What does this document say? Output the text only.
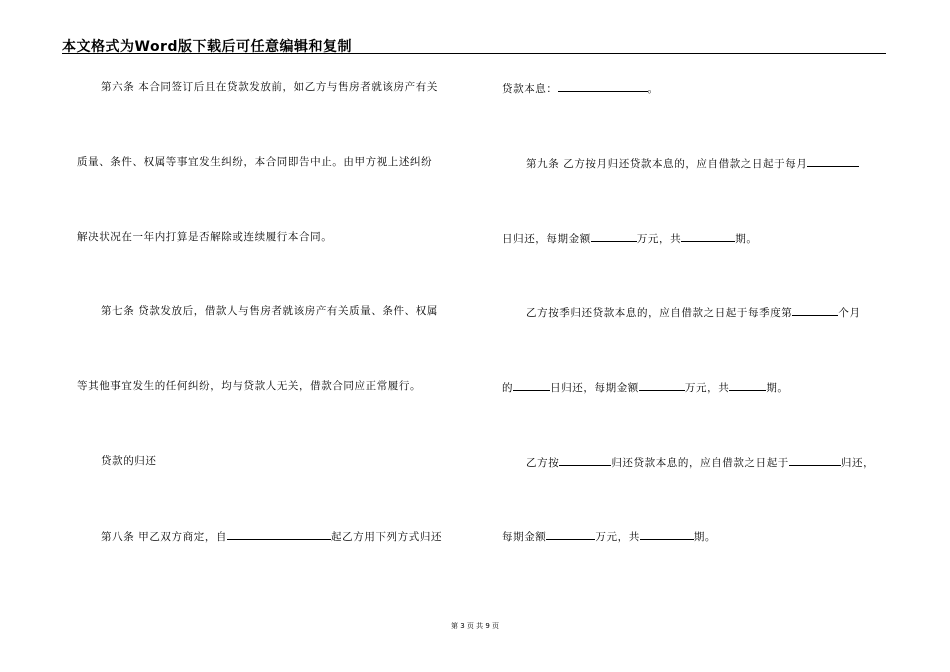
本文格式为Word版下载后可任意编辑和复制
第六条 本合同签订后且在贷款发放前，如乙方与售房者就该房产有关
质量、条件、权属等事宜发生纠纷，本合同即告中止。由甲方视上述纠纷
解决状况在一年内打算是否解除或连续履行本合同。
第七条 贷款发放后，借款人与售房者就该房产有关质量、条件、权属
等其他事宜发生的任何纠纷，均与贷款人无关，借款合同应正常履行。
贷款的归还
第八条 甲乙双方商定，自	起乙方用下列方式归还
贷款本息：	。
第九条 乙方按月归还贷款本息的，应自借款之日起于每月
日归还，每期金额	万元，共	期。
乙方按季归还贷款本息的，应自借款之日起于每季度第	个月
的	日归还，每期金额	万元，共	期。
乙方按	归还贷款本息的，应自借款之日起于	归还，
每期金额	万元，共	期。
第 3 页 共 9 页
